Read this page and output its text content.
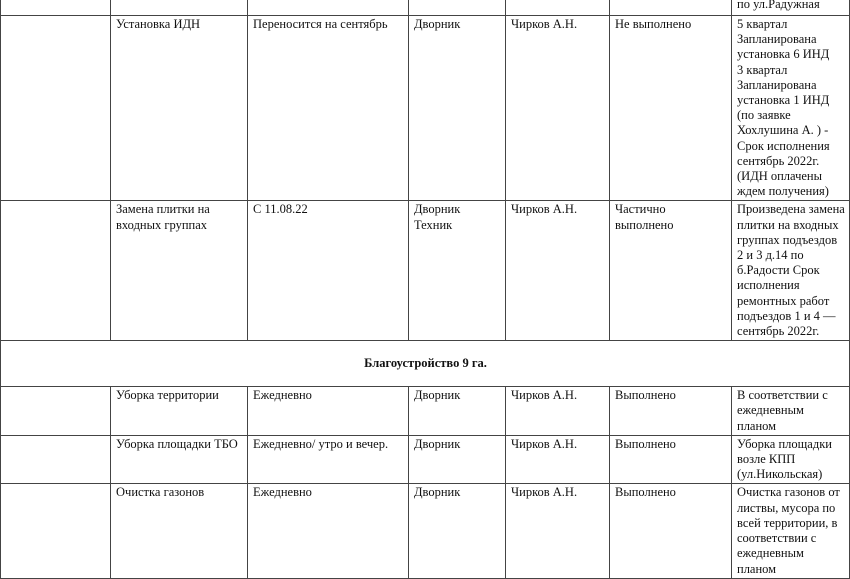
						по ул.Радужная
	Установка ИДН	Переносится на сентябрь	Дворник	Чирков А.Н.	Не выполнено	5 квартал
Запланирована установка 6 ИНД
3 квартал
Запланирована установка 1 ИНД (по заявке Хохлушина А. ) - Срок исполнения сентябрь 2022г.
(ИДН оплачены ждем получения)
	Замена плитки на входных группах	С 11.08.22	Дворник
Техник	Чирков А.Н.	Частично выполнено	Произведена замена плитки на входных группах подъездов 2 и 3 д.14 по б.Радости Срок исполнения ремонтных работ подъездов 1 и 4 — сентябрь 2022г.
Благоустройство 9 га.						
	Уборка территории	Ежедневно	Дворник	Чирков А.Н.	Выполнено	В соответствии с ежедневным планом
	Уборка площадки ТБО	Ежедневно/ утро и вечер.	Дворник	Чирков А.Н.	Выполнено	Уборка площадки возле КПП (ул.Никольская)
	Очистка газонов	Ежедневно	Дворник	Чирков А.Н.	Выполнено	Очистка газонов от листвы, мусора по всей территории, в соответствии с ежедневным планом
